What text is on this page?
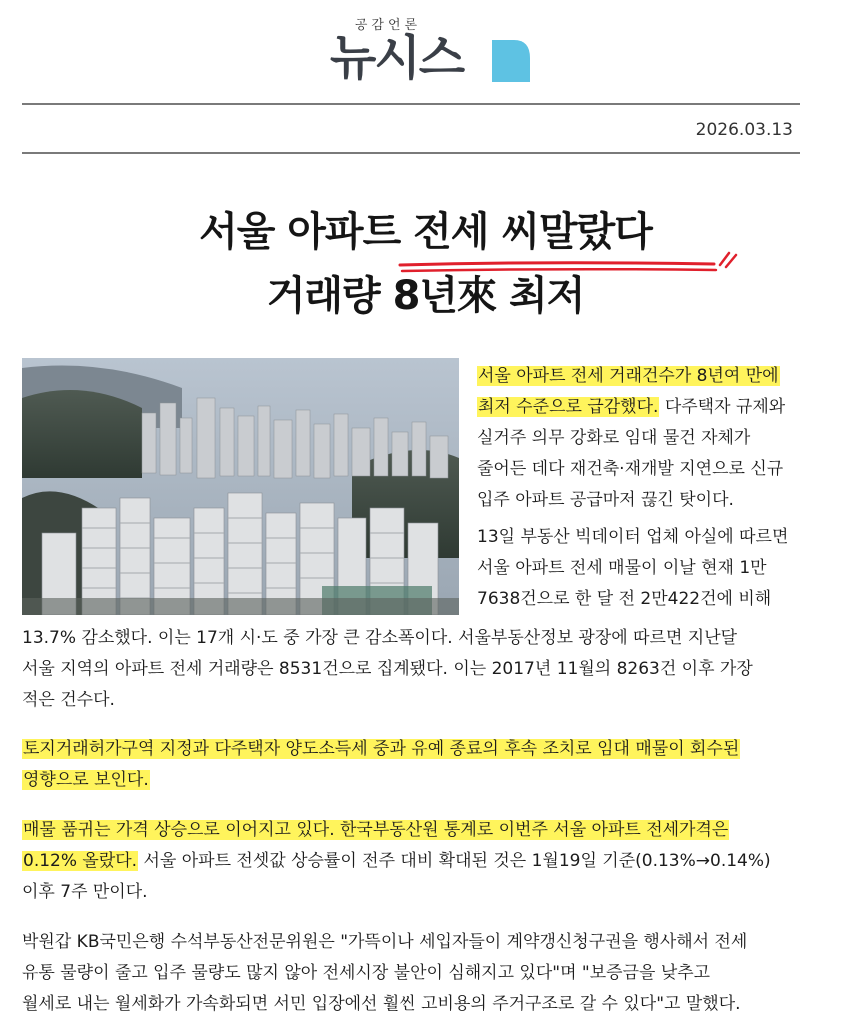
공감언론
뉴시스
2026.03.13
서울 아파트 전세 씨말랐다
거래량 8년來 최저
서울 아파트 전세 거래건수가 8년여 만에
최저 수준으로 급감했다. 다주택자 규제와
실거주 의무 강화로 임대 물건 자체가
줄어든 데다 재건축·재개발 지연으로 신규
입주 아파트 공급마저 끊긴 탓이다.
13일 부동산 빅데이터 업체 아실에 따르면
서울 아파트 전세 매물이 이날 현재 1만
7638건으로 한 달 전 2만422건에 비해
13.7% 감소했다. 이는 17개 시·도 중 가장 큰 감소폭이다. 서울부동산정보 광장에 따르면 지난달
서울 지역의 아파트 전세 거래량은 8531건으로 집계됐다. 이는 2017년 11월의 8263건 이후 가장
적은 건수다.
토지거래허가구역 지정과 다주택자 양도소득세 중과 유예 종료의 후속 조치로 임대 매물이 회수된
영향으로 보인다.
매물 품귀는 가격 상승으로 이어지고 있다. 한국부동산원 통계로 이번주 서울 아파트 전세가격은
0.12% 올랐다. 서울 아파트 전셋값 상승률이 전주 대비 확대된 것은 1월19일 기준(0.13%→0.14%)
이후 7주 만이다.
박원갑 KB국민은행 수석부동산전문위원은 "가뜩이나 세입자들이 계약갱신청구권을 행사해서 전세
유통 물량이 줄고 입주 물량도 많지 않아 전세시장 불안이 심해지고 있다"며 "보증금을 낮추고
월세로 내는 월세화가 가속화되면 서민 입장에선 훨씬 고비용의 주거구조로 갈 수 있다"고 말했다.
